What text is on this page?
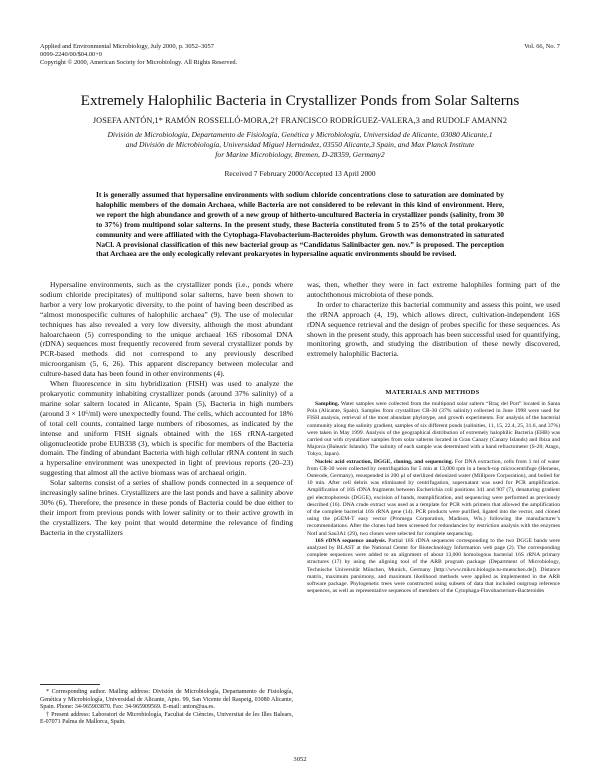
Applied and Environmental Microbiology, July 2000, p. 3052–3057
0099-2240/00/$04.00+0
Copyright © 2000, American Society for Microbiology. All Rights Reserved.
Vol. 66, No. 7
Extremely Halophilic Bacteria in Crystallizer Ponds from Solar Salterns
JOSEFA ANTÓN,1* RAMÓN ROSSELLÓ-MORA,2† FRANCISCO RODRÍGUEZ-VALERA,3 and RUDOLF AMANN2
División de Microbiología, Departamento de Fisiología, Genética y Microbiología, Universidad de Alicante, 03080 Alicante,1
and División de Microbiología, Universidad Miguel Hernández, 03550 Alicante,3 Spain, and Max Planck Institute
for Marine Microbiology, Bremen, D-28359, Germany2
Received 7 February 2000/Accepted 13 April 2000

It is generally assumed that hypersaline environments with sodium chloride concentrations close to saturation are dominated by halophilic members of the domain Archaea, while Bacteria are not considered to be relevant in this kind of environment. Here, we report the high abundance and growth of a new group of hitherto-uncultured Bacteria in crystallizer ponds (salinity, from 30 to 37%) from multipond solar salterns. In the present study, these Bacteria constituted from 5 to 25% of the total prokaryotic community and were affiliated with the Cytophaga-Flavobacterium-Bacteroides phylum. Growth was demonstrated in saturated NaCl. A provisional classification of this new bacterial group as “Candidatus Salinibacter gen. nov.” is proposed. The perception that Archaea are the only ecologically relevant prokaryotes in hypersaline aquatic environments should be revised.

Hypersaline environments, such as the crystallizer ponds (i.e., ponds where sodium chloride precipitates) of multipond solar salterns, have been shown to harbor a very low prokaryotic diversity, to the point of having been described as “almost monospecific cultures of halophilic archaea” (9). The use of molecular techniques has also revealed a very low diversity, although the most abundant haloarchaeon (5) corresponding to the unique archaeal 16S ribosomal DNA (rDNA) sequences most frequently recovered from several crystallizer ponds by PCR-based methods did not correspond to any previously described microorganism (5, 6, 26). This apparent discrepancy between molecular and culture-based data has been found in other environments (4).

When fluorescence in situ hybridization (FISH) was used to analyze the prokaryotic community inhabiting crystallizer ponds (around 37% salinity) of a marine solar saltern located in Alicante, Spain (5), Bacteria in high numbers (around 3 × 10⁶/ml) were unexpectedly found. The cells, which accounted for 18% of total cell counts, contained large numbers of ribosomes, as indicated by the intense and uniform FISH signals obtained with the 16S rRNA-targeted oligonucleotide probe EUB338 (3), which is specific for members of the Bacteria domain. The finding of abundant Bacteria with high cellular rRNA content in such a hypersaline environment was unexpected in light of previous reports (20–23) suggesting that almost all the active biomass was of archaeal origin.

Solar salterns consist of a series of shallow ponds connected in a sequence of increasingly saline brines. Crystallizers are the last ponds and have a salinity above 30% (6). Therefore, the presence in these ponds of Bacteria could be due either to their import from previous ponds with lower salinity or to their active growth in the crystallizers. The key point that would determine the relevance of finding Bacteria in the crystallizers

was, then, whether they were in fact extreme halophiles forming part of the autochthonous microbiota of these ponds.

In order to characterize this bacterial community and assess this point, we used the rRNA approach (4, 19), which allows direct, cultivation-independent 16S rDNA sequence retrieval and the design of probes specific for these sequences. As shown in the present study, this approach has been successful used for quantifying, monitoring growth, and studying the distribution of these newly discovered, extremely halophilic Bacteria.

MATERIALS AND METHODS

Sampling. Water samples were collected from the multipond solar saltern “Braç del Port” located in Santa Pola (Alicante, Spain). Samples from crystallizer CR-30 (37% salinity) collected in June 1998 were used for FISH analysis, retrieval of the most abundant phylotype, and growth experiments. For analysis of the bacterial community along the salinity gradient, samples of six different ponds (salinities, 11, 15, 22.4, 25, 31.6, and 37%) were taken in May 1999. Analysis of the geographical distribution of extremely halophilic Bacteria (EHB) was carried out with crystallizer samples from solar salterns located in Gran Canary (Canary Islands) and Ibiza and Majorca (Balearic Islands). The salinity of each sample was determined with a hand refractometer (S-28; Atago, Tokyo, Japan).

Nucleic acid extraction, DGGE, cloning, and sequencing. For DNA extraction, cells from 1 ml of water from CR-30 were collected by centrifugation for 5 min at 13,000 rpm in a bench-top microcentrifuge (Heraeus, Osterode, Germany), resuspended in 200 μl of sterilized deionized water (Millipore Corporation), and boiled for 10 min. After cell debris was eliminated by centrifugation, supernatant was used for PCR amplification. Amplification of 16S rDNA fragments between Escherichia coli positions 341 and 907 (7), denaturing gradient gel electrophoresis (DGGE), excision of bands, reamplification, and sequencing were performed as previously described (16). DNA crude extract was used as a template for PCR with primers that allowed the amplification of the complete bacterial 16S rRNA gene (14). PCR products were purified, ligated into the vector, and cloned using the pGEM-T easy vector (Promega Corporation, Madison, Wis.) following the manufacturer’s recommendations. After the clones had been screened for redundancies by restriction analysis with the enzymes NotI and Sau3A1 (29), two clones were selected for complete sequencing.

16S rDNA sequence analysis. Partial 16S rDNA sequences corresponding to the two DGGE bands were analyzed by BLAST at the National Center for Biotechnology Information web page (2). The corresponding complete sequences were added to an alignment of about 13,000 homologous bacterial 16S rRNA primary structures (17) by using the aligning tool of the ARB program package (Department of Microbiology, Technische Universität München, Munich, Germany [http://www.mikro.biologie.tu-muenchen.de]). Distance matrix, maximum parsimony, and maximum likelihood methods were applied as implemented in the ARB software package. Phylogenetic trees were constructed using subsets of data that included outgroup reference sequences, as well as representative sequences of members of the Cytophaga-Flavobacterium-Bacteroides

* Corresponding author. Mailing address: División de Microbiología, Departamento de Fisiología, Genética y Microbiología, Universidad de Alicante, Apto. 99, San Vicente del Raspeig, 03080 Alicante, Spain. Phone: 34-965903870. Fax: 34-965909569. E-mail: anton@ua.es.

† Present address: Laboratori de Microbiología, Facultat de Ciències, Universitat de les Illes Balears, E-07071 Palma de Mallorca, Spain.

3052
